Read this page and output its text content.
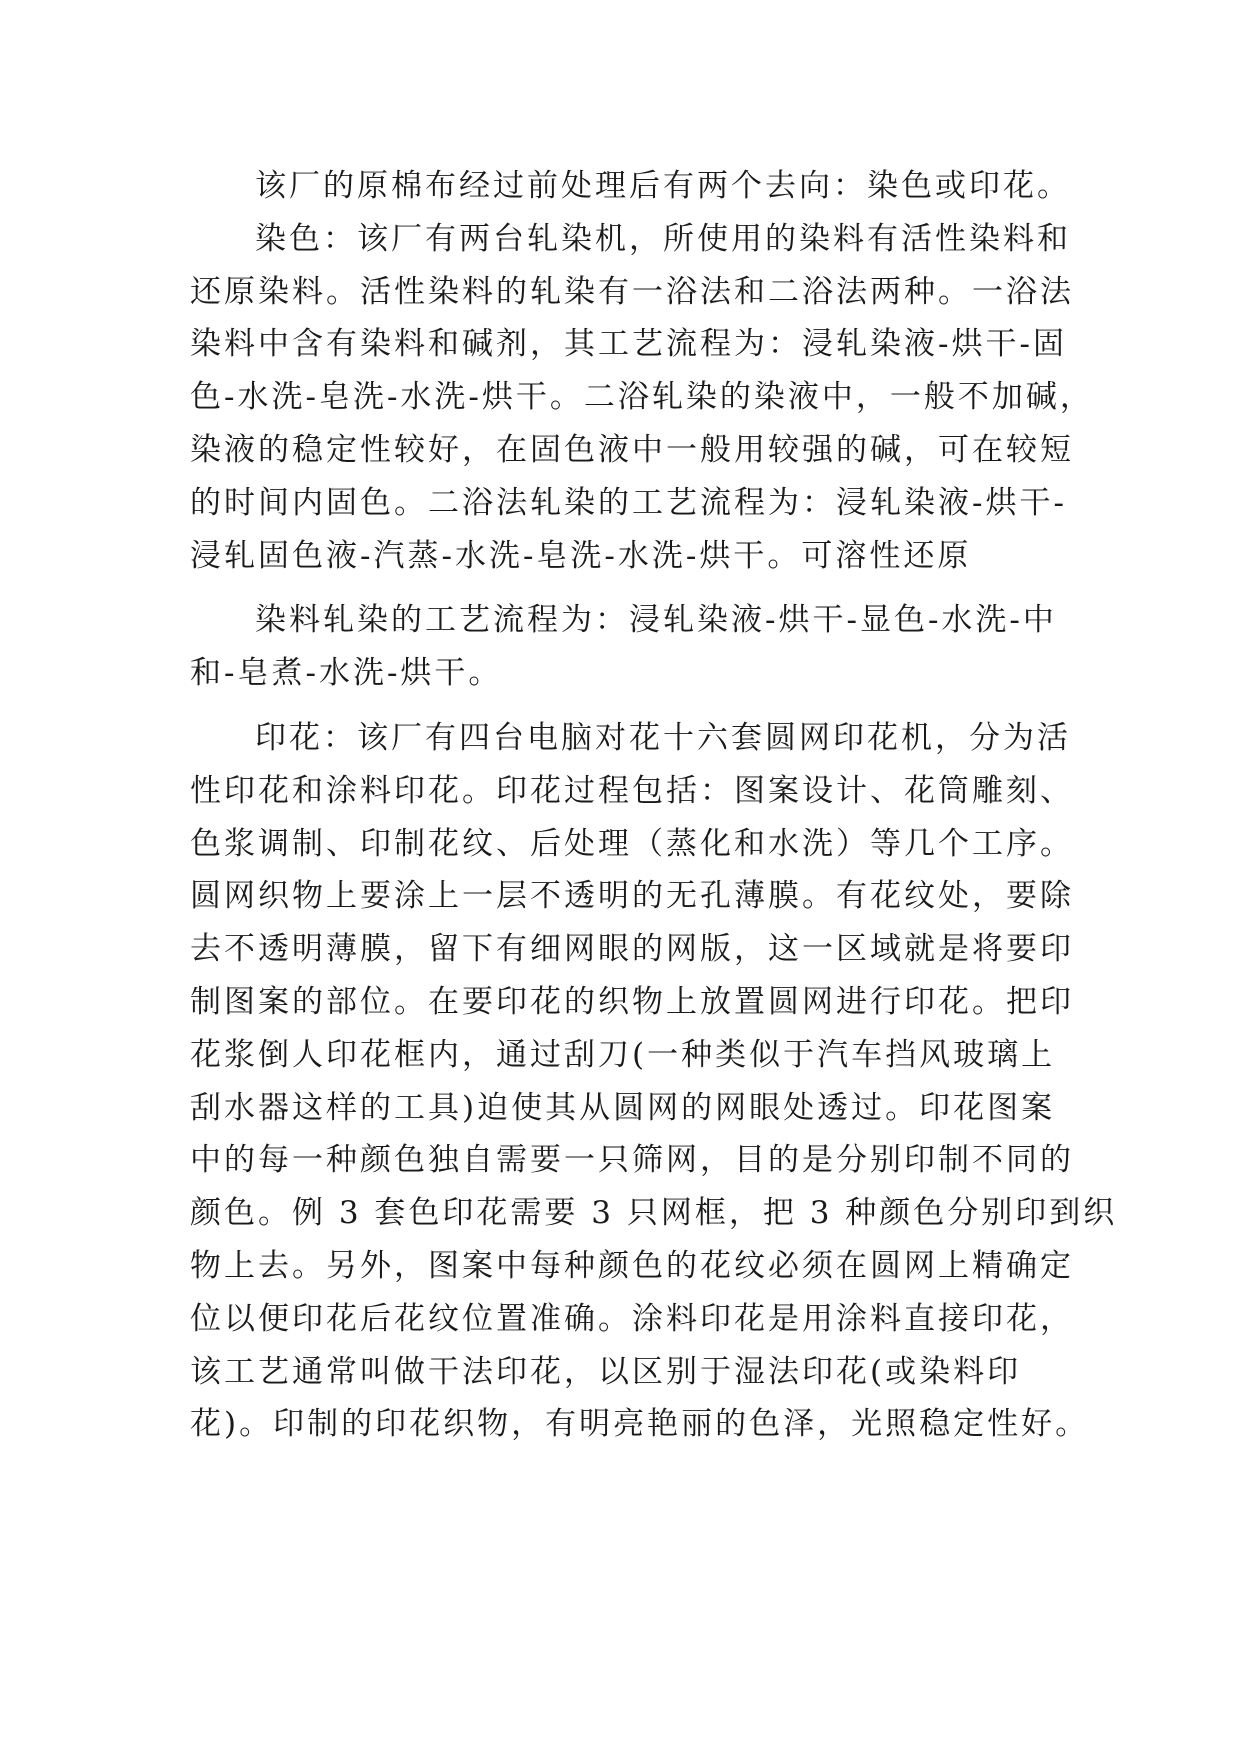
该厂的原棉布经过前处理后有两个去向：染色或印花。
染色：该厂有两台轧染机，所使用的染料有活性染料和
还原染料。活性染料的轧染有一浴法和二浴法两种。一浴法
染料中含有染料和碱剂，其工艺流程为：浸轧染液-烘干-固
色-水洗-皂洗-水洗-烘干。二浴轧染的染液中，一般不加碱，
染液的稳定性较好，在固色液中一般用较强的碱，可在较短
的时间内固色。二浴法轧染的工艺流程为：浸轧染液-烘干-
浸轧固色液-汽蒸-水洗-皂洗-水洗-烘干。可溶性还原
染料轧染的工艺流程为：浸轧染液-烘干-显色-水洗-中
和-皂煮-水洗-烘干。
印花：该厂有四台电脑对花十六套圆网印花机，分为活
性印花和涂料印花。印花过程包括：图案设计、花筒雕刻、
色浆调制、印制花纹、后处理（蒸化和水洗）等几个工序。
圆网织物上要涂上一层不透明的无孔薄膜。有花纹处，要除
去不透明薄膜，留下有细网眼的网版，这一区域就是将要印
制图案的部位。在要印花的织物上放置圆网进行印花。把印
花浆倒人印花框内，通过刮刀(一种类似于汽车挡风玻璃上
刮水器这样的工具)迫使其从圆网的网眼处透过。印花图案
中的每一种颜色独自需要一只筛网，目的是分别印制不同的
颜色。例 3 套色印花需要 3 只网框，把 3 种颜色分别印到织
物上去。另外，图案中每种颜色的花纹必须在圆网上精确定
位以便印花后花纹位置准确。涂料印花是用涂料直接印花，
该工艺通常叫做干法印花，以区别于湿法印花(或染料印
花)。印制的印花织物，有明亮艳丽的色泽，光照稳定性好。
